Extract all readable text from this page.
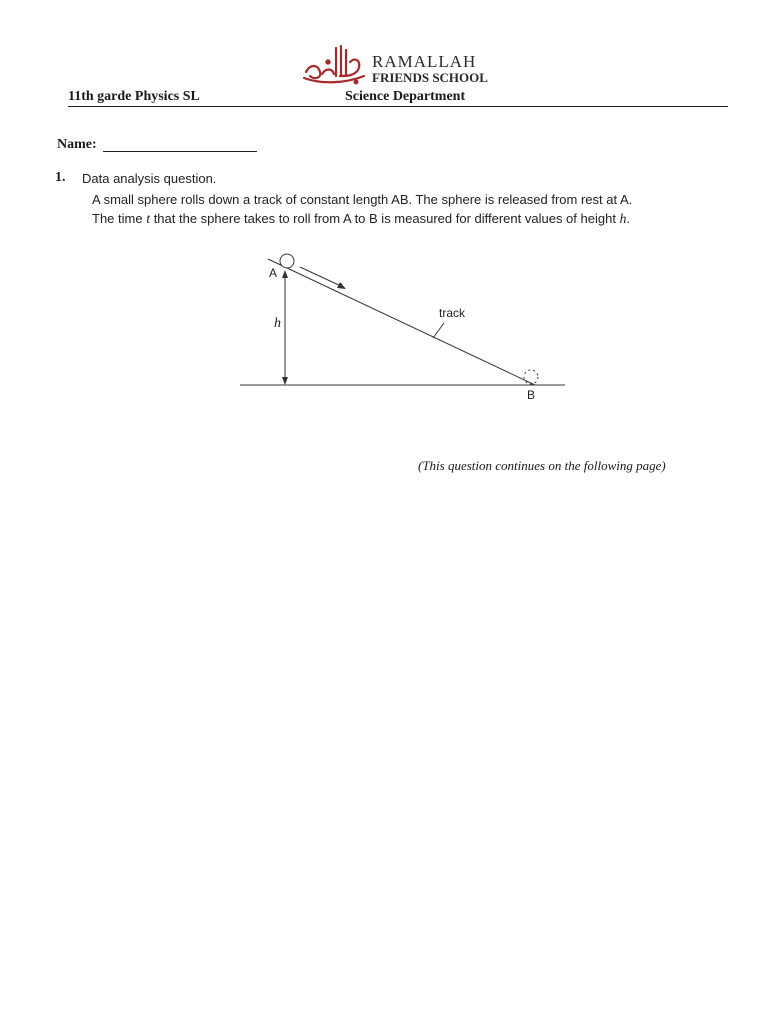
RAMALLAH
FRIENDS SCHOOL
11th garde Physics SL	Science Department
Name:
1. Data analysis question.
A small sphere rolls down a track of constant length AB. The sphere is released from rest at A.
The time t that the sphere takes to roll from A to B is measured for different values of height h.
A
h
track
B
(This question continues on the following page)
